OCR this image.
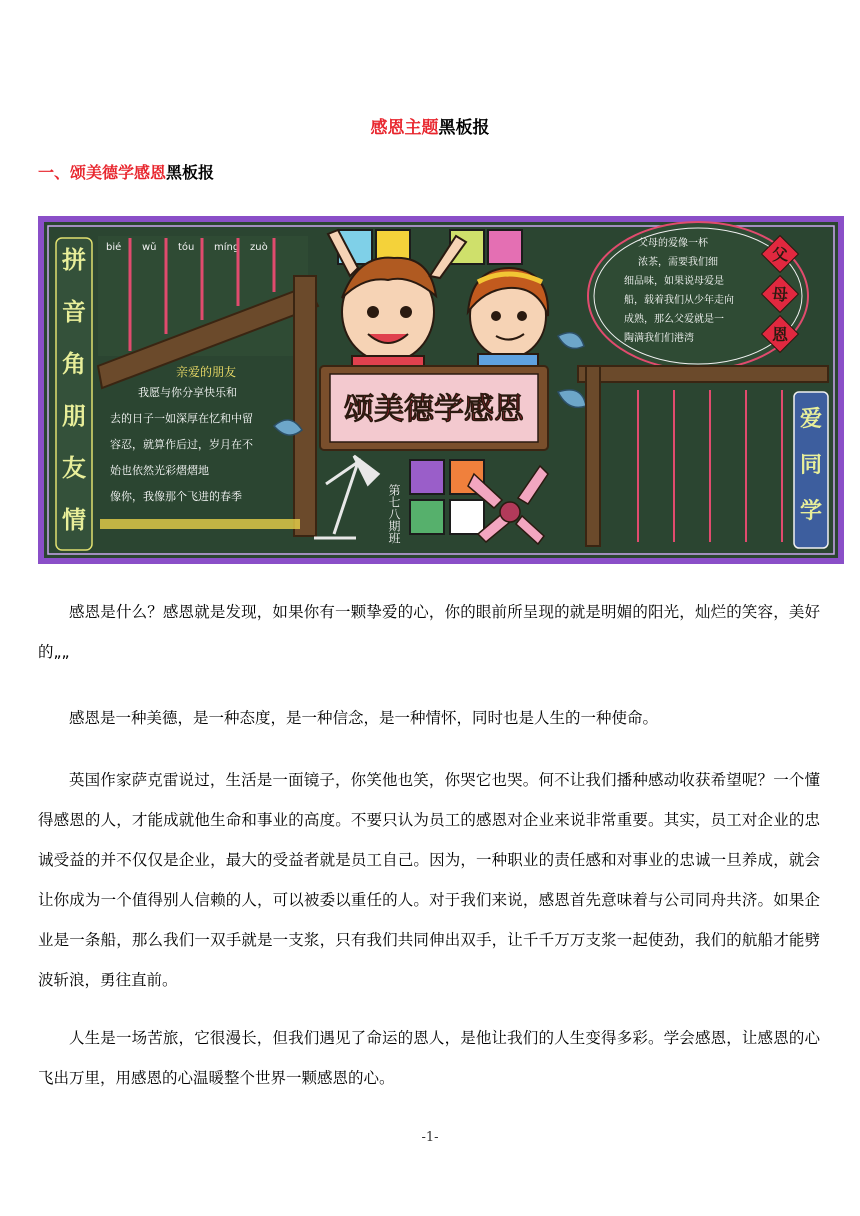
感恩主题黑板报
一、颂美德学感恩黑板报
拼
音
角
朋
友
情
bié wǔ tóu míng zuò
亲爱的朋友
我愿与你分享快乐和
去的日子一如深厚在忆和中留
容忍，就算作后过，岁月在不
始也依然光彩熠熠地
像你，我像那个飞进的春季
颂美德学感恩
第七八期班
父母的爱像一杯
浓茶，需要我们细
细品味，如果说母爱是
船，载着我们从少年走向
成熟，那么父爱就是一
陶满我们们港湾
父
母
恩
爱
同
学

感恩是什么？感恩就是发现，如果你有一颗挚爱的心，你的眼前所呈现的就是明媚的阳光，灿烂的笑容，美好的„„

感恩是一种美德，是一种态度，是一种信念，是一种情怀，同时也是人生的一种使命。

英国作家萨克雷说过，生活是一面镜子，你笑他也笑，你哭它也哭。何不让我们播种感动收获希望呢？一个懂得感恩的人，才能成就他生命和事业的高度。不要只认为员工的感恩对企业来说非常重要。其实，员工对企业的忠诚受益的并不仅仅是企业，最大的受益者就是员工自己。因为，一种职业的责任感和对事业的忠诚一旦养成，就会让你成为一个值得别人信赖的人，可以被委以重任的人。对于我们来说，感恩首先意味着与公司同舟共济。如果企业是一条船，那么我们一双手就是一支浆，只有我们共同伸出双手，让千千万万支浆一起使劲，我们的航船才能劈波斩浪，勇往直前。

人生是一场苦旅，它很漫长，但我们遇见了命运的恩人，是他让我们的人生变得多彩。学会感恩，让感恩的心飞出万里，用感恩的心温暖整个世界一颗感恩的心。

-1-
